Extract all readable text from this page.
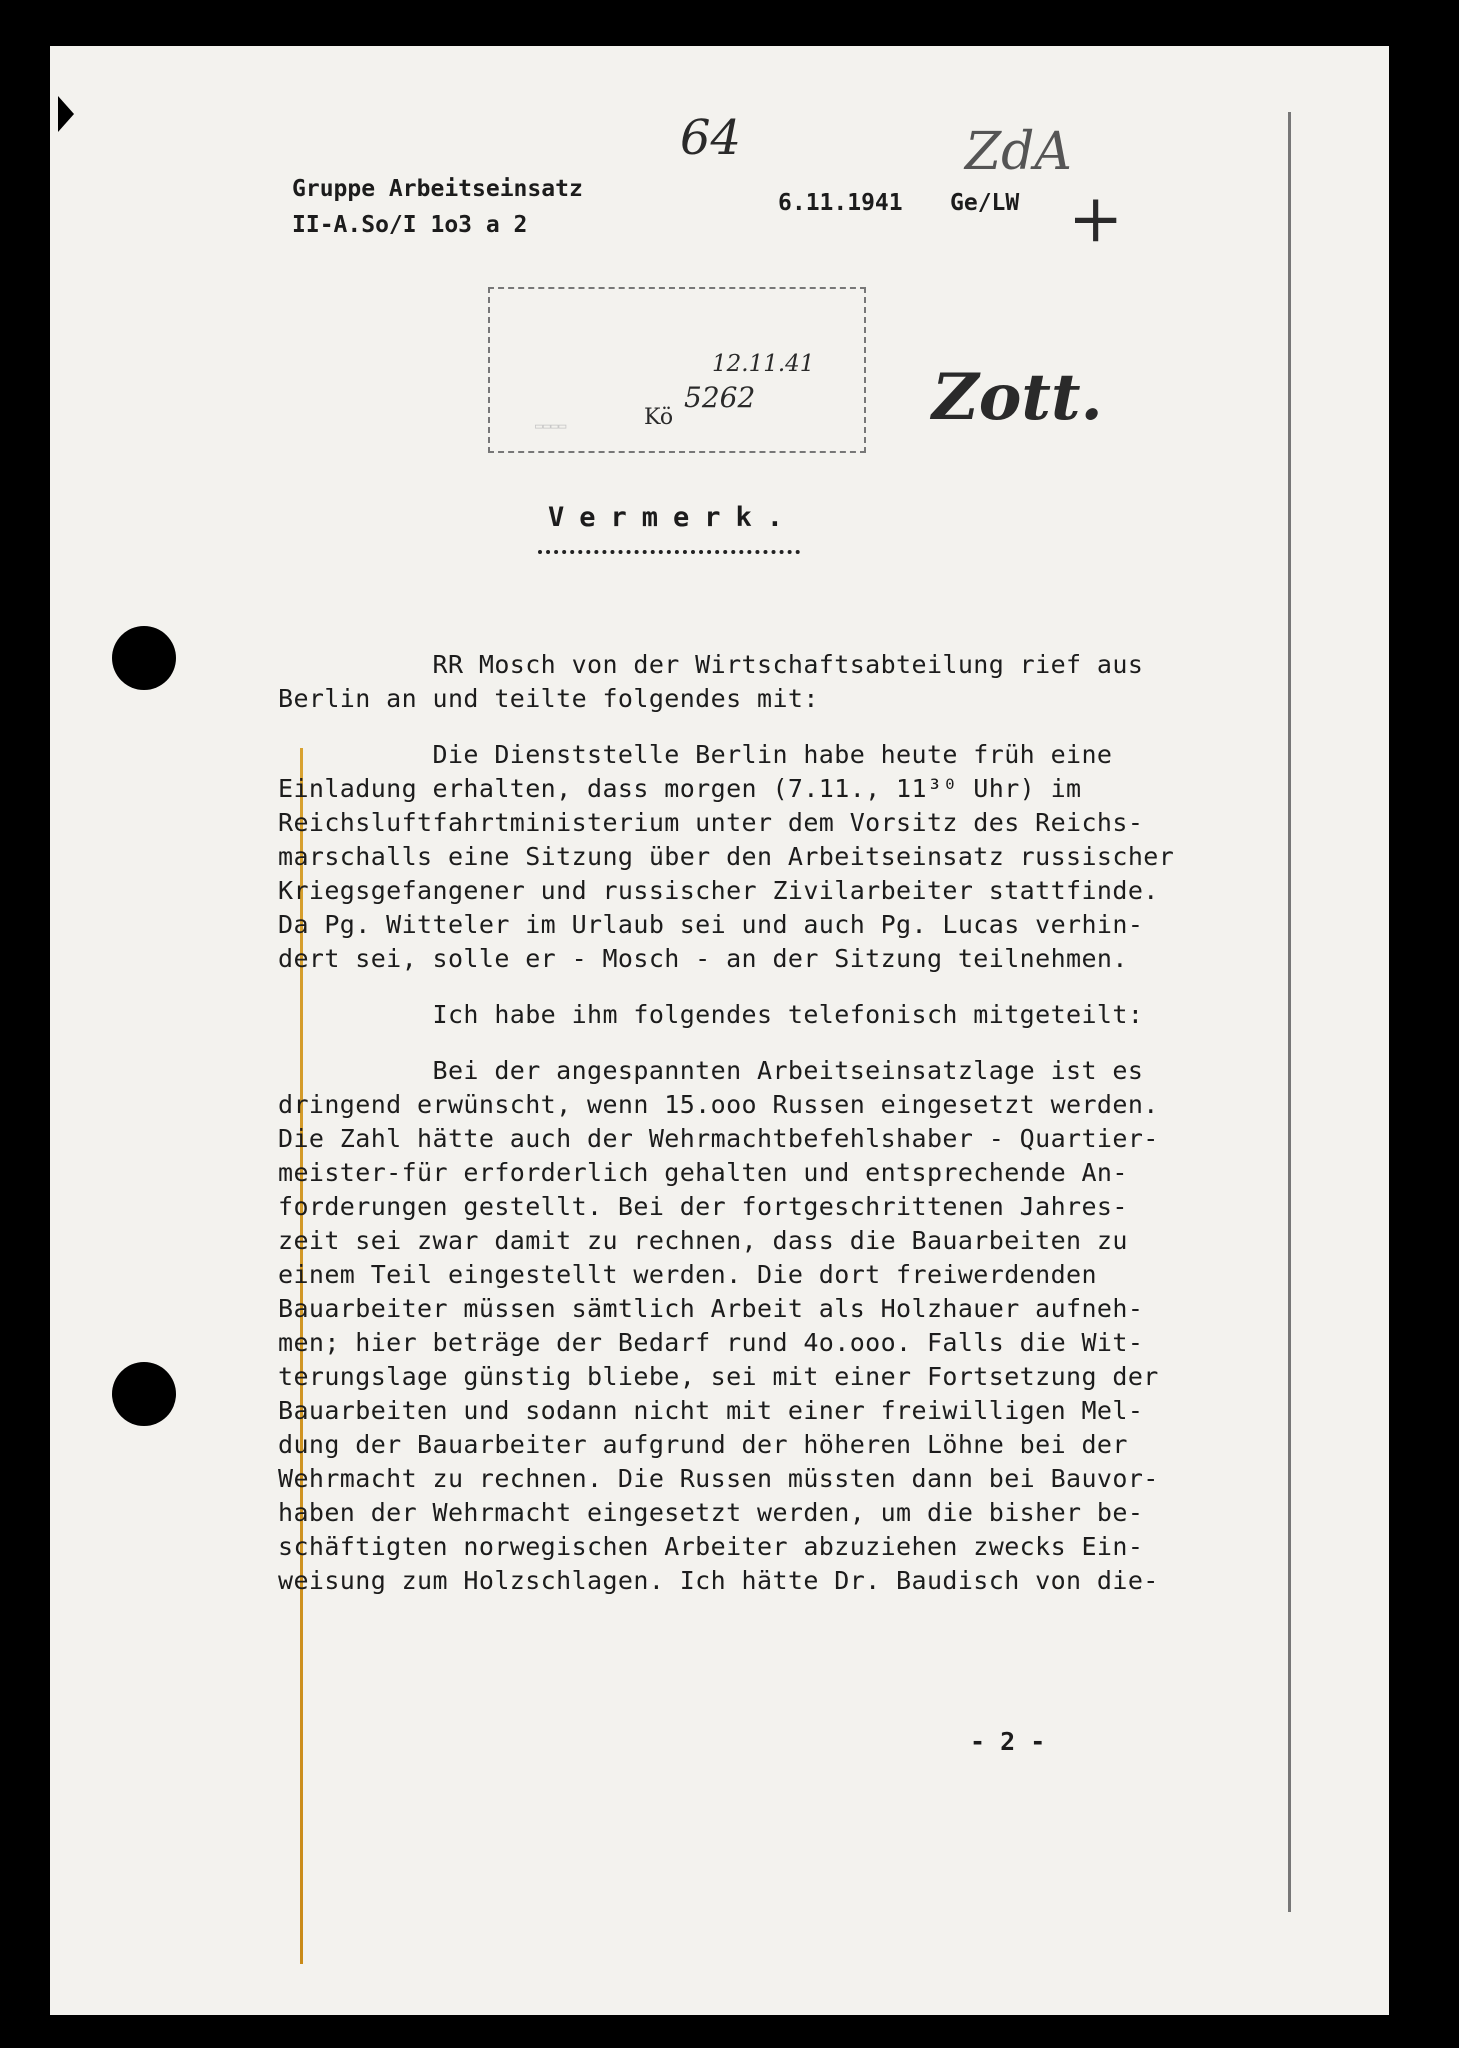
Gruppe Arbeitseinsatz
II-A.So/I 1o3 a 2
6.11.1941 Ge/LW
64	ZdA
+
Zott.
12.11.41
5262
Kö
▭▭▭▭
Vermerk.
RR Mosch von der Wirtschaftsabteilung rief aus
Berlin an und teilte folgendes mit:
Die Dienststelle Berlin habe heute früh eine
Einladung erhalten, dass morgen (7.11., 11³⁰ Uhr) im
Reichsluftfahrtministerium unter dem Vorsitz des Reichs-
marschalls eine Sitzung über den Arbeitseinsatz russischer
Kriegsgefangener und russischer Zivilarbeiter stattfinde.
Da Pg. Witteler im Urlaub sei und auch Pg. Lucas verhin-
dert sei, solle er - Mosch - an der Sitzung teilnehmen.
Ich habe ihm folgendes telefonisch mitgeteilt:
Bei der angespannten Arbeitseinsatzlage ist es
dringend erwünscht, wenn 15.ooo Russen eingesetzt werden.
Die Zahl hätte auch der Wehrmachtbefehlshaber - Quartier-
meister-für erforderlich gehalten und entsprechende An-
forderungen gestellt. Bei der fortgeschrittenen Jahres-
zeit sei zwar damit zu rechnen, dass die Bauarbeiten zu
einem Teil eingestellt werden. Die dort freiwerdenden
Bauarbeiter müssen sämtlich Arbeit als Holzhauer aufneh-
men; hier beträge der Bedarf rund 4o.ooo. Falls die Wit-
terungslage günstig bliebe, sei mit einer Fortsetzung der
Bauarbeiten und sodann nicht mit einer freiwilligen Mel-
dung der Bauarbeiter aufgrund der höheren Löhne bei der
Wehrmacht zu rechnen. Die Russen müssten dann bei Bauvor-
haben der Wehrmacht eingesetzt werden, um die bisher be-
schäftigten norwegischen Arbeiter abzuziehen zwecks Ein-
weisung zum Holzschlagen. Ich hätte Dr. Baudisch von die-
- 2 -
